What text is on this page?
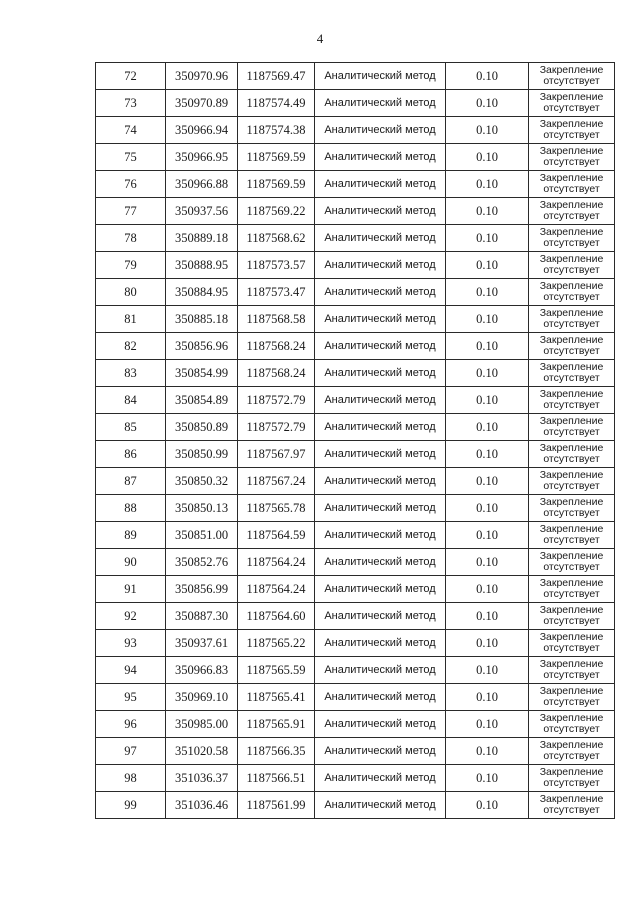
4
72	350970.96	1187569.47	Аналитический метод	0.10	Закрепление отсутствует
73	350970.89	1187574.49	Аналитический метод	0.10	Закрепление отсутствует
74	350966.94	1187574.38	Аналитический метод	0.10	Закрепление отсутствует
75	350966.95	1187569.59	Аналитический метод	0.10	Закрепление отсутствует
76	350966.88	1187569.59	Аналитический метод	0.10	Закрепление отсутствует
77	350937.56	1187569.22	Аналитический метод	0.10	Закрепление отсутствует
78	350889.18	1187568.62	Аналитический метод	0.10	Закрепление отсутствует
79	350888.95	1187573.57	Аналитический метод	0.10	Закрепление отсутствует
80	350884.95	1187573.47	Аналитический метод	0.10	Закрепление отсутствует
81	350885.18	1187568.58	Аналитический метод	0.10	Закрепление отсутствует
82	350856.96	1187568.24	Аналитический метод	0.10	Закрепление отсутствует
83	350854.99	1187568.24	Аналитический метод	0.10	Закрепление отсутствует
84	350854.89	1187572.79	Аналитический метод	0.10	Закрепление отсутствует
85	350850.89	1187572.79	Аналитический метод	0.10	Закрепление отсутствует
86	350850.99	1187567.97	Аналитический метод	0.10	Закрепление отсутствует
87	350850.32	1187567.24	Аналитический метод	0.10	Закрепление отсутствует
88	350850.13	1187565.78	Аналитический метод	0.10	Закрепление отсутствует
89	350851.00	1187564.59	Аналитический метод	0.10	Закрепление отсутствует
90	350852.76	1187564.24	Аналитический метод	0.10	Закрепление отсутствует
91	350856.99	1187564.24	Аналитический метод	0.10	Закрепление отсутствует
92	350887.30	1187564.60	Аналитический метод	0.10	Закрепление отсутствует
93	350937.61	1187565.22	Аналитический метод	0.10	Закрепление отсутствует
94	350966.83	1187565.59	Аналитический метод	0.10	Закрепление отсутствует
95	350969.10	1187565.41	Аналитический метод	0.10	Закрепление отсутствует
96	350985.00	1187565.91	Аналитический метод	0.10	Закрепление отсутствует
97	351020.58	1187566.35	Аналитический метод	0.10	Закрепление отсутствует
98	351036.37	1187566.51	Аналитический метод	0.10	Закрепление отсутствует
99	351036.46	1187561.99	Аналитический метод	0.10	Закрепление отсутствует
